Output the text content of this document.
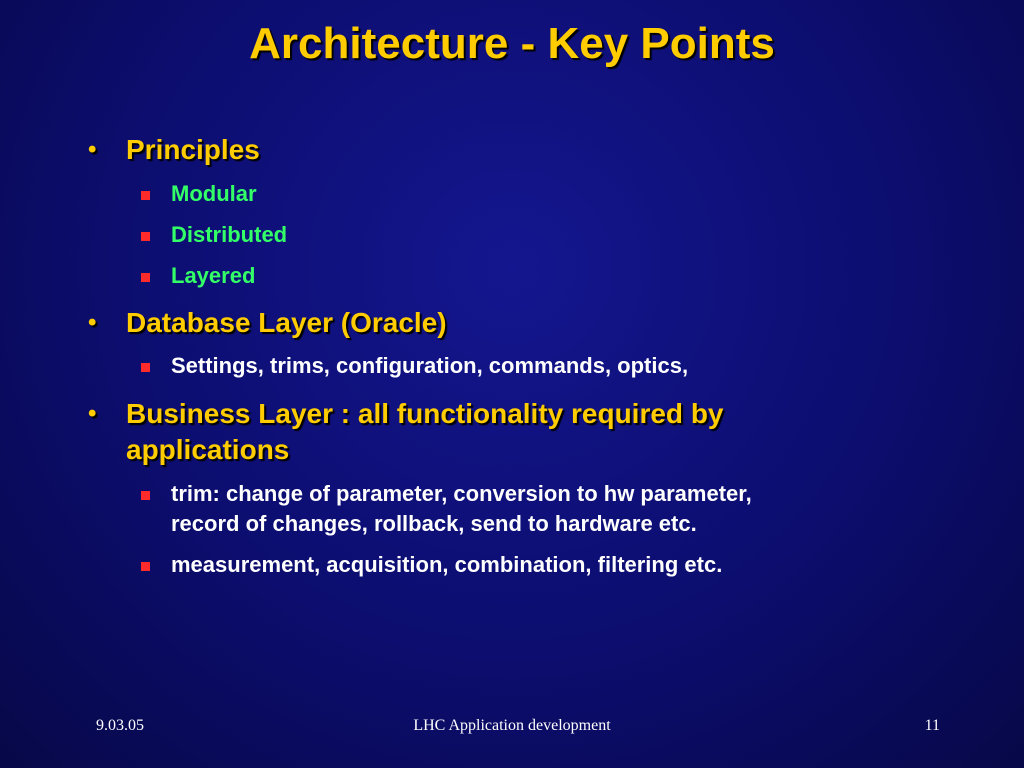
Architecture - Key Points
• Principles
Modular
Distributed
Layered
• Database Layer (Oracle)
Settings, trims, configuration, commands, optics,
• Business Layer : all functionality required by
applications
trim: change of parameter, conversion to hw parameter,
record of changes, rollback, send to hardware etc.
measurement, acquisition, combination, filtering etc.
9.03.05	LHC Application development	11
